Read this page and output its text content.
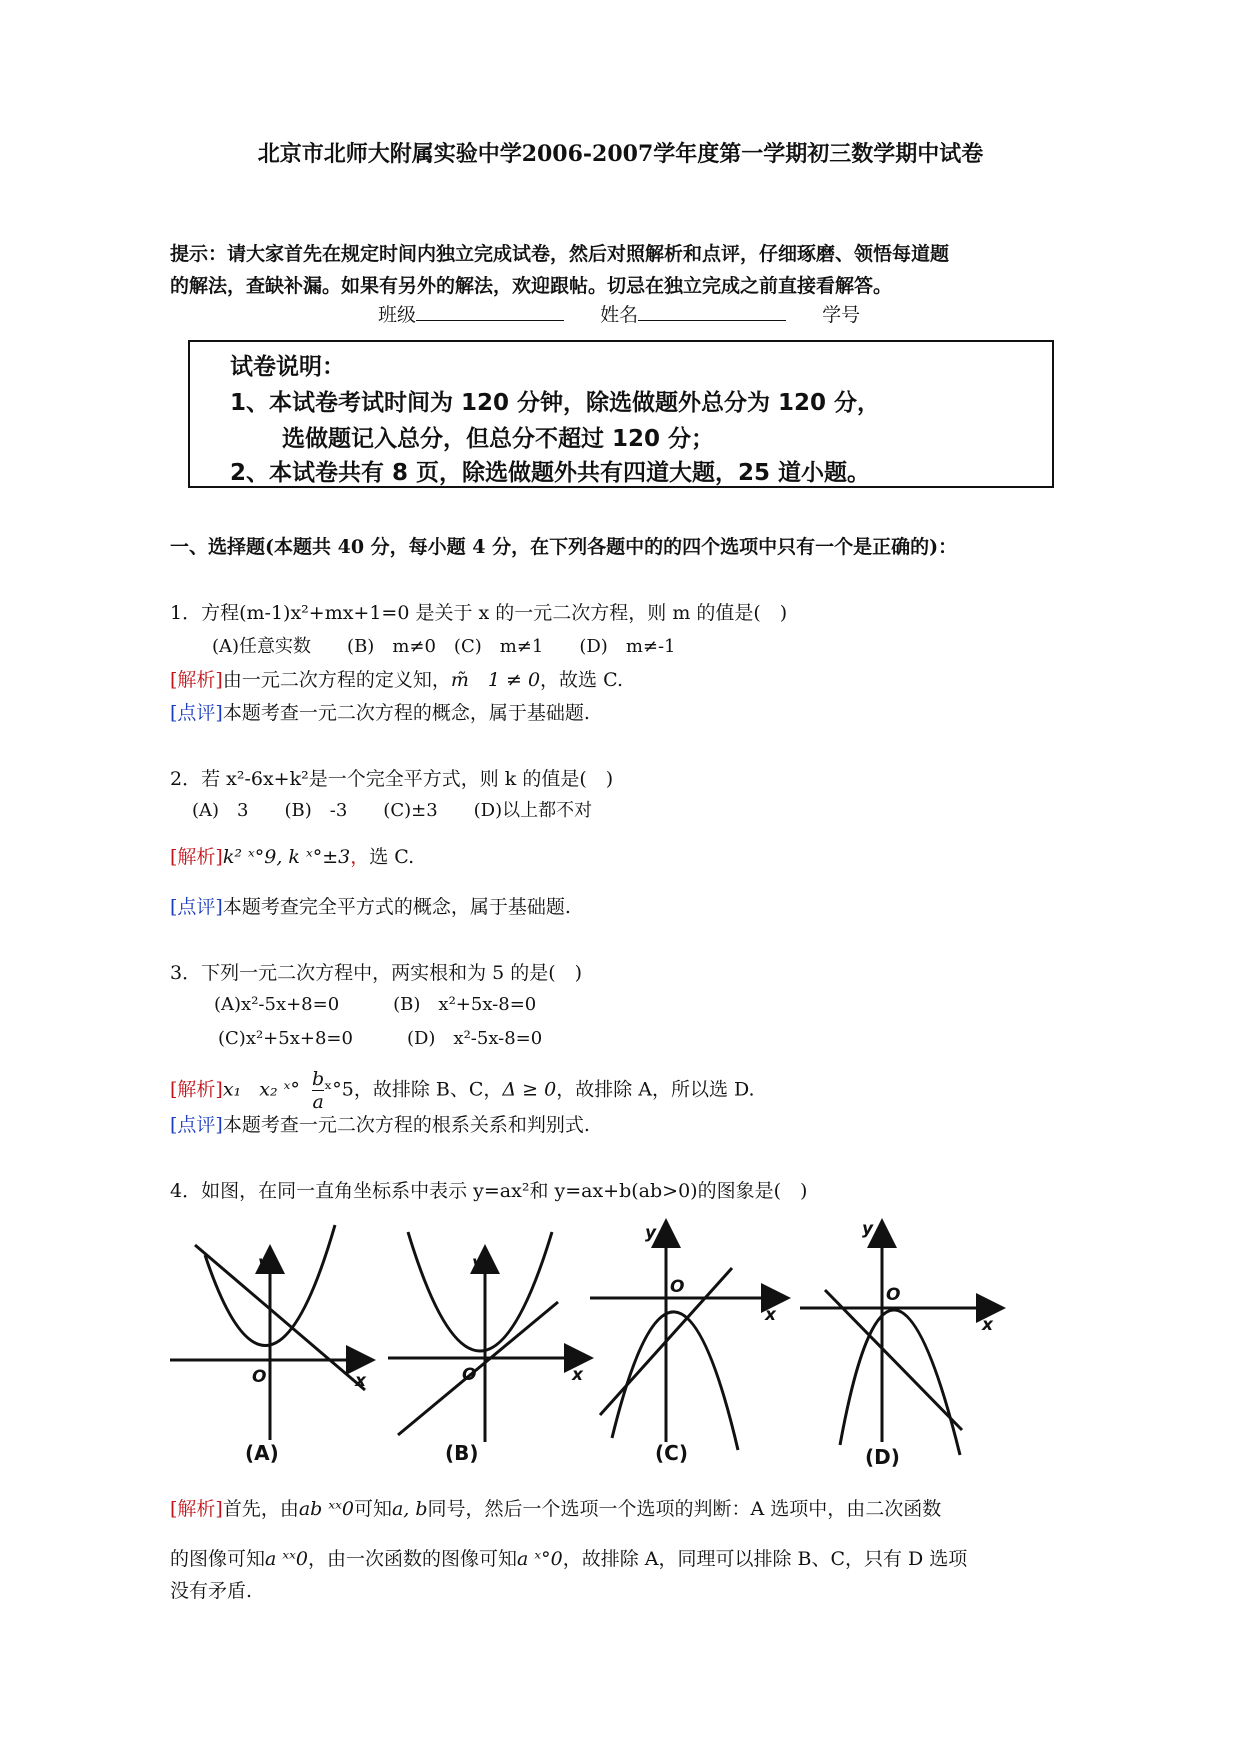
北京市北师大附属实验中学2006-2007学年度第一学期初三数学期中试卷
提示：请大家首先在规定时间内独立完成试卷，然后对照解析和点评，仔细琢磨、领悟每道题
的解法，查缺补漏。如果有另外的解法，欢迎跟帖。切忌在独立完成之前直接看解答。
班级	姓名	学号
试卷说明：
1、本试卷考试时间为 120 分钟，除选做题外总分为 120 分，
选做题记入总分，但总分不超过 120 分；
2、本试卷共有 8 页，除选做题外共有四道大题，25 道小题。
一、选择题(本题共 40 分，每小题 4 分，在下列各题中的的四个选项中只有一个是正确的)：
1．方程(m-1)x²+mx+1=0 是关于 x 的一元二次方程，则 m 的值是(　)
(A)任意实数　　(B)　m≠0　(C)　m≠1　　(D)　m≠-1
[解析]由一元二次方程的定义知，m̃　1 ≠ 0，故选 C.
[点评]本题考查一元二次方程的概念，属于基础题.
2．若 x²-6x+k²是一个完全平方式，则 k 的值是(　)
(A)　3　　(B)　-3　　(C)±3　　(D)以上都不对
[解析]k² ˣ°9, k ˣ°±3，选 C.
[点评]本题考查完全平方式的概念，属于基础题.
3．下列一元二次方程中，两实根和为 5 的是(　)
(A)x²-5x+8=0　　　(B)　x²+5x-8=0
(C)x²+5x+8=0　　　(D)　x²-5x-8=0
[解析]x₁ x₂ ˣ° $\frac{b}{a}$ ˣ°5，故排除 B、C，Δ ≥ 0，故排除 A，所以选 D.
[点评]本题考查一元二次方程的根系关系和判别式.
4．如图，在同一直角坐标系中表示 y=ax²和 y=ax+b(ab>0)的图象是(　)
y
x
O
y
x
O
y
x
O
y
x
O
(A)	(B)	(C)	(D)
[解析]首先，由ab ˣˣ0可知a, b同号，然后一个选项一个选项的判断：A 选项中，由二次函数
的图像可知a ˣˣ0，由一次函数的图像可知a ˣ°0，故排除 A，同理可以排除 B、C，只有 D 选项
没有矛盾.
